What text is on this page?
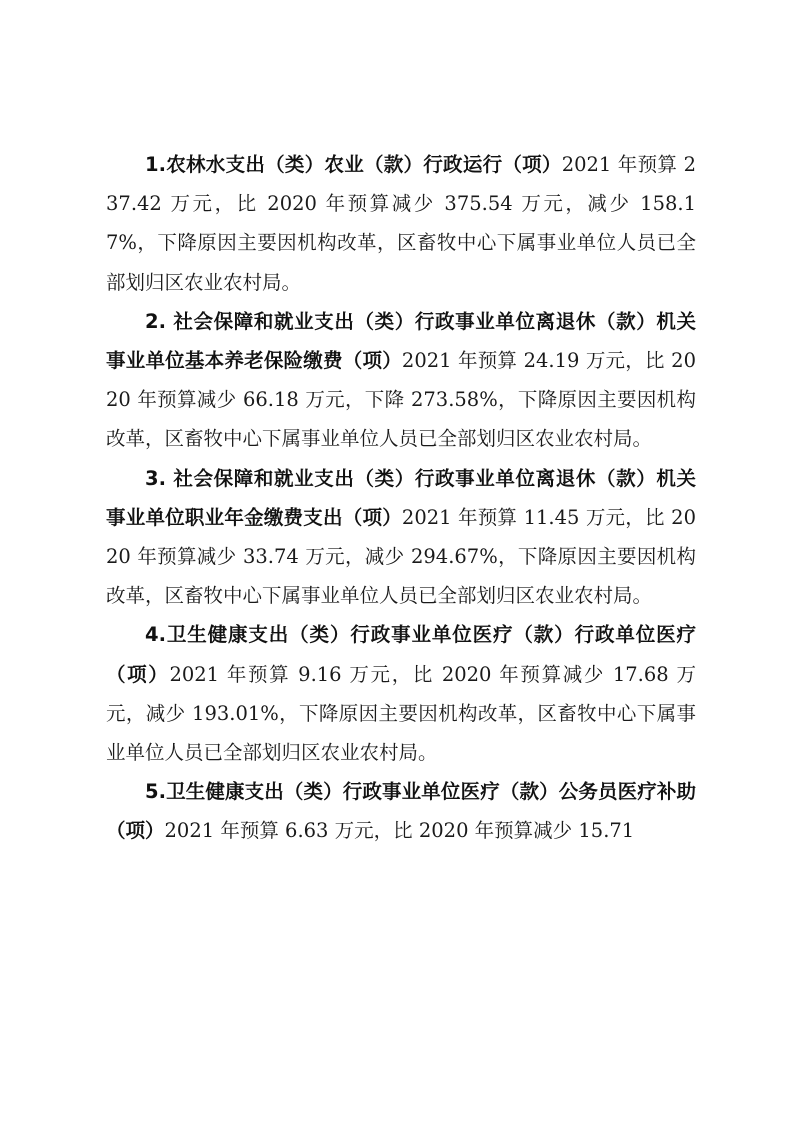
1.农林水支出（类）农业（款）行政运行（项）2021 年预算 237.42 万元，比 2020 年预算减少 375.54 万元，减少 158.17%，下降原因主要因机构改革，区畜牧中心下属事业单位人员已全部划归区农业农村局。

2. 社会保障和就业支出（类）行政事业单位离退休（款）机关事业单位基本养老保险缴费（项）2021 年预算 24.19 万元，比 2020 年预算减少 66.18 万元，下降 273.58%，下降原因主要因机构改革，区畜牧中心下属事业单位人员已全部划归区农业农村局。

3. 社会保障和就业支出（类）行政事业单位离退休（款）机关事业单位职业年金缴费支出（项）2021 年预算 11.45 万元，比 2020 年预算减少 33.74 万元，减少 294.67%，下降原因主要因机构改革，区畜牧中心下属事业单位人员已全部划归区农业农村局。

4.卫生健康支出（类）行政事业单位医疗（款）行政单位医疗（项）2021 年预算 9.16 万元，比 2020 年预算减少 17.68 万元，减少 193.01%，下降原因主要因机构改革，区畜牧中心下属事业单位人员已全部划归区农业农村局。

5.卫生健康支出（类）行政事业单位医疗（款）公务员医疗补助（项）2021 年预算 6.63 万元，比 2020 年预算减少 15.71
